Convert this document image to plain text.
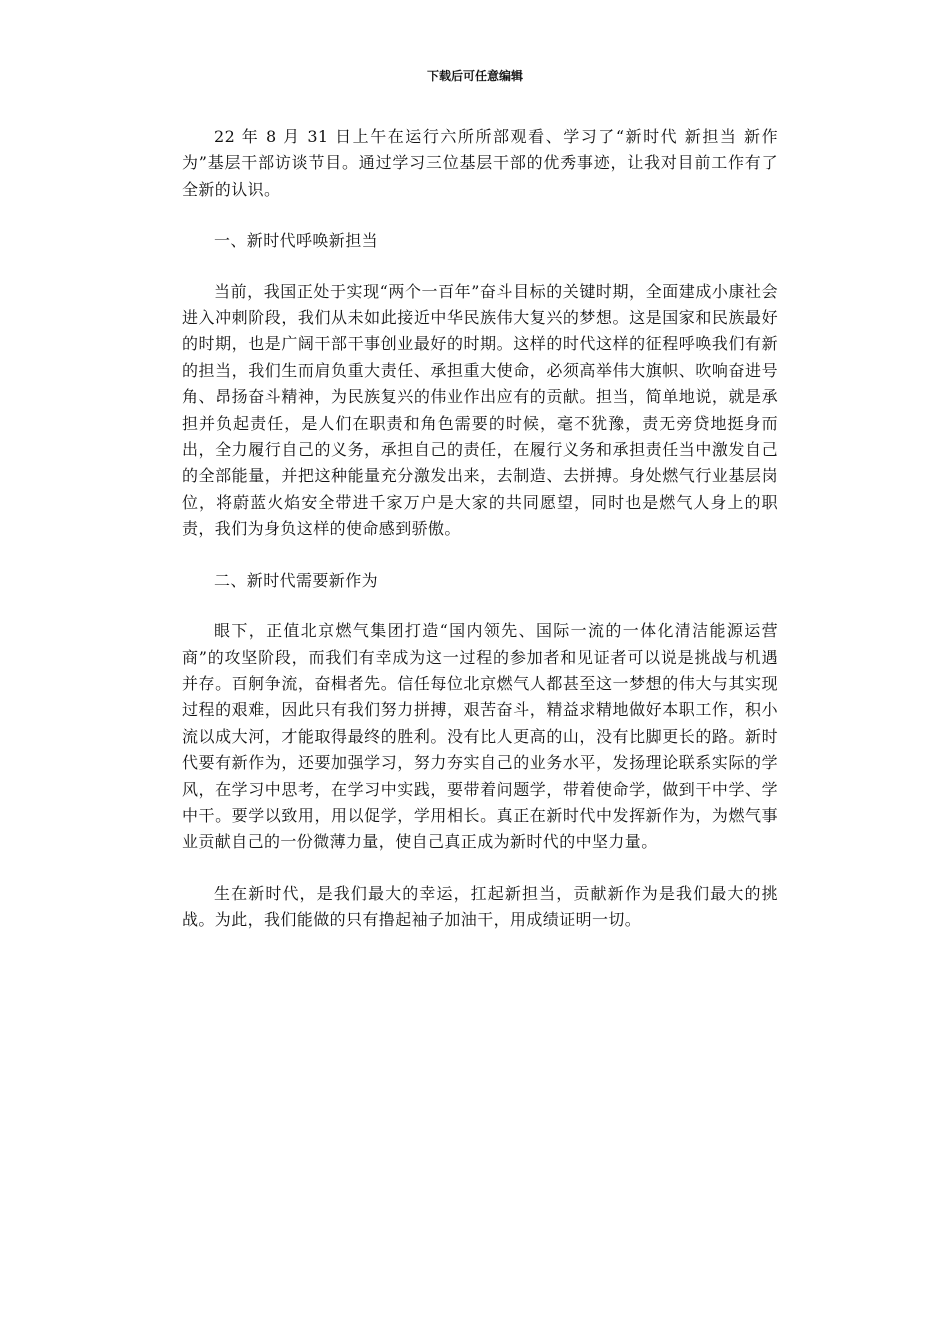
下载后可任意编辑

22 年 8 月 31 日上午在运行六所所部观看、学习了“新时代 新担当 新作为”基层干部访谈节目。通过学习三位基层干部的优秀事迹，让我对目前工作有了全新的认识。

一、新时代呼唤新担当

当前，我国正处于实现“两个一百年”奋斗目标的关键时期，全面建成小康社会进入冲刺阶段，我们从未如此接近中华民族伟大复兴的梦想。这是国家和民族最好的时期，也是广阔干部干事创业最好的时期。这样的时代这样的征程呼唤我们有新的担当，我们生而肩负重大责任、承担重大使命，必须高举伟大旗帜、吹响奋进号角、昂扬奋斗精神，为民族复兴的伟业作出应有的贡献。担当，简单地说，就是承担并负起责任，是人们在职责和角色需要的时候，毫不犹豫，责无旁贷地挺身而出，全力履行自己的义务，承担自己的责任，在履行义务和承担责任当中激发自己的全部能量，并把这种能量充分激发出来，去制造、去拼搏。身处燃气行业基层岗位，将蔚蓝火焰安全带进千家万户是大家的共同愿望，同时也是燃气人身上的职责，我们为身负这样的使命感到骄傲。

二、新时代需要新作为

眼下，正值北京燃气集团打造“国内领先、国际一流的一体化清洁能源运营商”的攻坚阶段，而我们有幸成为这一过程的参加者和见证者可以说是挑战与机遇并存。百舸争流，奋楫者先。信任每位北京燃气人都甚至这一梦想的伟大与其实现过程的艰难，因此只有我们努力拼搏，艰苦奋斗，精益求精地做好本职工作，积小流以成大河，才能取得最终的胜利。没有比人更高的山，没有比脚更长的路。新时代要有新作为，还要加强学习，努力夯实自己的业务水平，发扬理论联系实际的学风，在学习中思考，在学习中实践，要带着问题学，带着使命学，做到干中学、学中干。要学以致用，用以促学，学用相长。真正在新时代中发挥新作为，为燃气事业贡献自己的一份微薄力量，使自己真正成为新时代的中坚力量。

生在新时代，是我们最大的幸运，扛起新担当，贡献新作为是我们最大的挑战。为此，我们能做的只有撸起袖子加油干，用成绩证明一切。
